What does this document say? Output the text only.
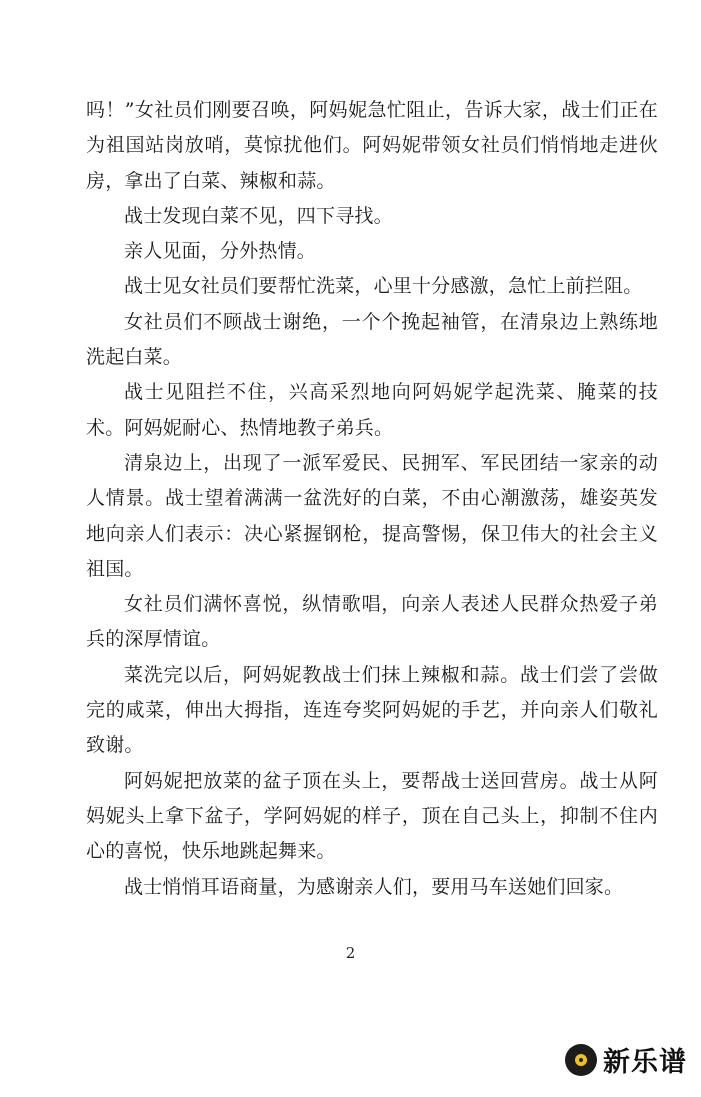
吗！”女社员们刚要召唤，阿妈妮急忙阻止，告诉大家，战士们正在为祖国站岗放哨，莫惊扰他们。阿妈妮带领女社员们悄悄地走进伙房，拿出了白菜、辣椒和蒜。

战士发现白菜不见，四下寻找。

亲人见面，分外热情。

战士见女社员们要帮忙洗菜，心里十分感激，急忙上前拦阻。

女社员们不顾战士谢绝，一个个挽起袖管，在清泉边上熟练地洗起白菜。

战士见阻拦不住，兴高采烈地向阿妈妮学起洗菜、腌菜的技术。阿妈妮耐心、热情地教子弟兵。

清泉边上，出现了一派军爱民、民拥军、军民团结一家亲的动人情景。战士望着满满一盆洗好的白菜，不由心潮激荡，雄姿英发地向亲人们表示：决心紧握钢枪，提高警惕，保卫伟大的社会主义祖国。

女社员们满怀喜悦，纵情歌唱，向亲人表述人民群众热爱子弟兵的深厚情谊。

菜洗完以后，阿妈妮教战士们抹上辣椒和蒜。战士们尝了尝做完的咸菜，伸出大拇指，连连夸奖阿妈妮的手艺，并向亲人们敬礼致谢。

阿妈妮把放菜的盆子顶在头上，要帮战士送回营房。战士从阿妈妮头上拿下盆子，学阿妈妮的样子，顶在自己头上，抑制不住内心的喜悦，快乐地跳起舞来。

战士悄悄耳语商量，为感谢亲人们，要用马车送她们回家。

2
新乐谱
